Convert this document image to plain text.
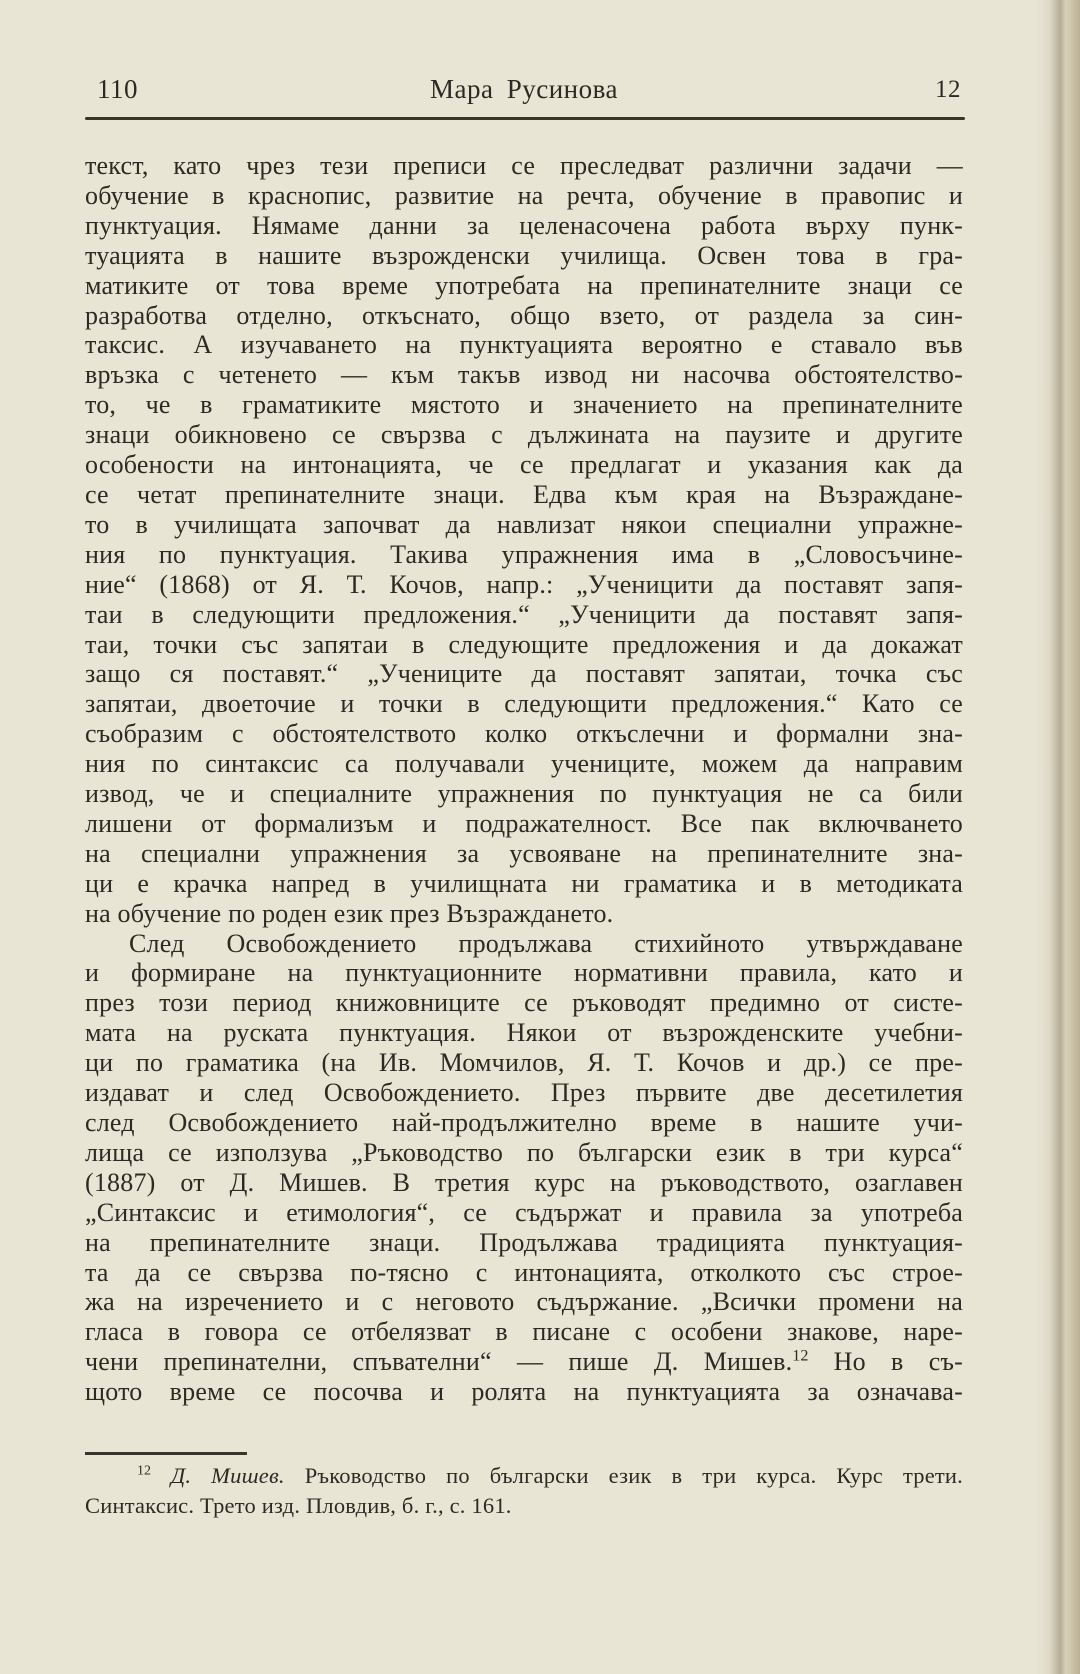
110	Мара Русинова	12
текст, като чрез тези преписи се преследват различни задачи —
обучение в краснопис, развитие на речта, обучение в правопис и
пунктуация. Нямаме данни за целенасочена работа върху пунк-
туацията в нашите възрожденски училища. Освен това в гра-
матиките от това време употребата на препинателните знаци се
разработва отделно, откъснато, общо взето, от раздела за син-
таксис. А изучаването на пунктуацията вероятно е ставало във
връзка с четенето — към такъв извод ни насочва обстоятелство-
то, че в граматиките мястото и значението на препинателните
знаци обикновено се свързва с дължината на паузите и другите
особености на интонацията, че се предлагат и указания как да
се четат препинателните знаци. Едва към края на Възраждане-
то в училищата започват да навлизат някои специални упражне-
ния по пунктуация. Такива упражнения има в „Словосъчине-
ние“ (1868) от Я. Т. Кочов, напр.: „Ученицити да поставят запя-
таи в следующити предложения.“ „Ученицити да поставят запя-
таи, точки със запятаи в следующите предложения и да докажат
защо ся поставят.“ „Учениците да поставят запятаи, точка със
запятаи, двоеточие и точки в следующити предложения.“ Като се
съобразим с обстоятелството колко откъслечни и формални зна-
ния по синтаксис са получавали учениците, можем да направим
извод, че и специалните упражнения по пунктуация не са били
лишени от формализъм и подражателност. Все пак включването
на специални упражнения за усвояване на препинателните зна-
ци е крачка напред в училищната ни граматика и в методиката
на обучение по роден език през Възраждането.
След Освобождението продължава стихийното утвърждаване
и формиране на пунктуационните нормативни правила, като и
през този период книжовниците се ръководят предимно от систе-
мата на руската пунктуация. Някои от възрожденските учебни-
ци по граматика (на Ив. Момчилов, Я. Т. Кочов и др.) се пре-
издават и след Освобождението. През първите две десетилетия
след Освобождението най-продължително време в нашите учи-
лища се използува „Ръководство по български език в три курса“
(1887) от Д. Мишев. В третия курс на ръководството, озаглавен
„Синтаксис и етимология“, се съдържат и правила за употреба
на препинателните знаци. Продължава традицията пунктуация-
та да се свързва по-тясно с интонацията, отколкото със строе-
жа на изречението и с неговото съдържание. „Всички промени на
гласа в говора се отбелязват в писане с особени знакове, наре-
чени препинателни, спъвателни“ — пише Д. Мишев.$^{12}$ Но в съ-
щото време се посочва и ролята на пунктуацията за означава-
$^{12}$ Д. Мишев. Ръководство по български език в три курса. Курс трети.
Синтаксис. Трето изд. Пловдив, б. г., с. 161.
